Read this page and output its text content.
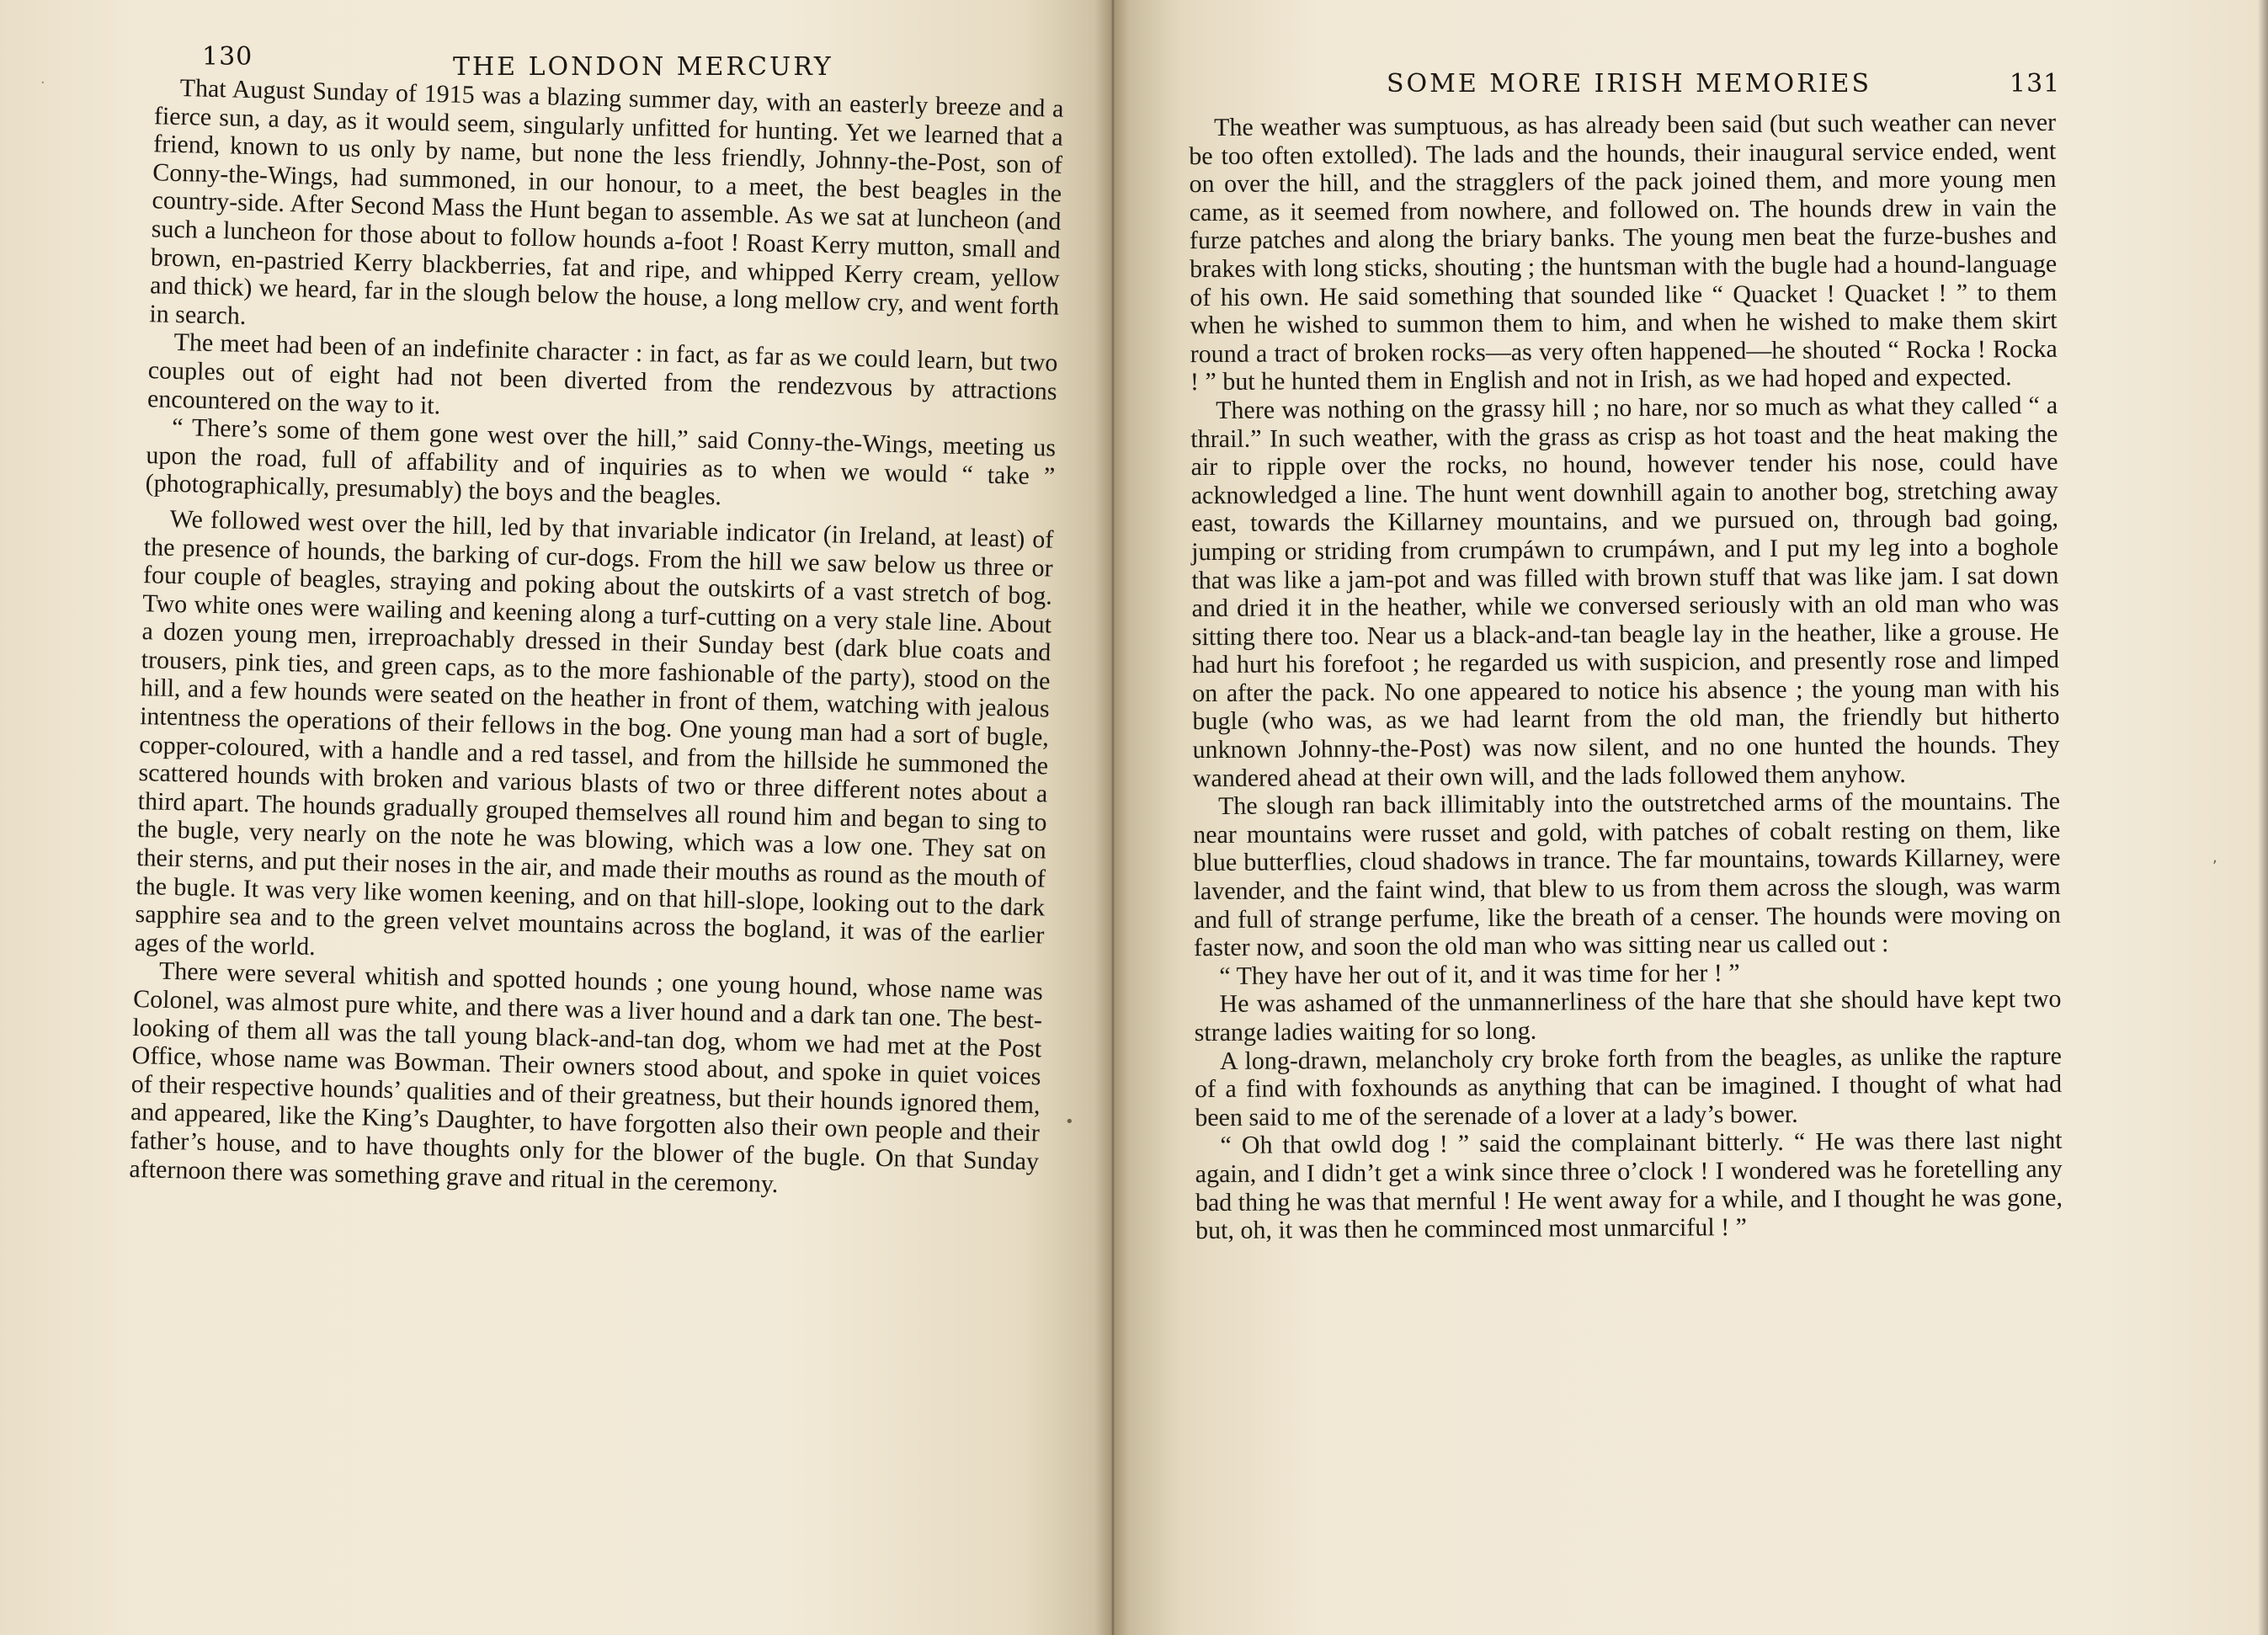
130	THE LONDON MERCURY

That August Sunday of 1915 was a blazing summer day, with an easterly breeze and a fierce sun, a day, as it would seem, singularly unfitted for hunting. Yet we learned that a friend, known to us only by name, but none the less friendly, Johnny-the-Post, son of Conny-the-Wings, had summoned, in our honour, to a meet, the best beagles in the country-side. After Second Mass the Hunt began to assemble. As we sat at luncheon (and such a luncheon for those about to follow hounds a-foot ! Roast Kerry mutton, small and brown, en-pastried Kerry blackberries, fat and ripe, and whipped Kerry cream, yellow and thick) we heard, far in the slough below the house, a long mellow cry, and went forth in search.

The meet had been of an indefinite character : in fact, as far as we could learn, but two couples out of eight had not been diverted from the rendezvous by attractions encountered on the way to it.

“ There’s some of them gone west over the hill,” said Conny-the-Wings, meeting us upon the road, full of affability and of inquiries as to when we would “ take ” (photographically, presumably) the boys and the beagles.

We followed west over the hill, led by that invariable indicator (in Ireland, at least) of the presence of hounds, the barking of cur-dogs. From the hill we saw below us three or four couple of beagles, straying and poking about the outskirts of a vast stretch of bog. Two white ones were wailing and keening along a turf-cutting on a very stale line. About a dozen young men, irreproachably dressed in their Sunday best (dark blue coats and trousers, pink ties, and green caps, as to the more fashionable of the party), stood on the hill, and a few hounds were seated on the heather in front of them, watching with jealous intentness the operations of their fellows in the bog. One young man had a sort of bugle, copper-coloured, with a handle and a red tassel, and from the hillside he summoned the scattered hounds with broken and various blasts of two or three different notes about a third apart. The hounds gradually grouped themselves all round him and began to sing to the bugle, very nearly on the note he was blowing, which was a low one. They sat on their sterns, and put their noses in the air, and made their mouths as round as the mouth of the bugle. It was very like women keening, and on that hill-slope, looking out to the dark sapphire sea and to the green velvet mountains across the bogland, it was of the earlier ages of the world.

There were several whitish and spotted hounds ; one young hound, whose name was Colonel, was almost pure white, and there was a liver hound and a dark tan one. The best-looking of them all was the tall young black-and-tan dog, whom we had met at the Post Office, whose name was Bowman. Their owners stood about, and spoke in quiet voices of their respective hounds’ qualities and of their greatness, but their hounds ignored them, and appeared, like the King’s Daughter, to have forgotten also their own people and their father’s house, and to have thoughts only for the blower of the bugle. On that Sunday afternoon there was something grave and ritual in the ceremony.

•
·	SOME MORE IRISH MEMORIES	131
,

The weather was sumptuous, as has already been said (but such weather can never be too often extolled). The lads and the hounds, their inaugural service ended, went on over the hill, and the stragglers of the pack joined them, and more young men came, as it seemed from nowhere, and followed on. The hounds drew in vain the furze patches and along the briary banks. The young men beat the furze-bushes and brakes with long sticks, shouting ; the huntsman with the bugle had a hound-language of his own. He said something that sounded like “ Quacket ! Quacket ! ” to them when he wished to summon them to him, and when he wished to make them skirt round a tract of broken rocks—as very often happened—he shouted “ Rocka ! Rocka ! ” but he hunted them in English and not in Irish, as we had hoped and expected.

There was nothing on the grassy hill ; no hare, nor so much as what they called “ a thrail.” In such weather, with the grass as crisp as hot toast and the heat making the air to ripple over the rocks, no hound, however tender his nose, could have acknowledged a line. The hunt went downhill again to another bog, stretching away east, towards the Killarney mountains, and we pursued on, through bad going, jumping or striding from crumpáwn to crumpáwn, and I put my leg into a boghole that was like a jam-pot and was filled with brown stuff that was like jam. I sat down and dried it in the heather, while we conversed seriously with an old man who was sitting there too. Near us a black-and-tan beagle lay in the heather, like a grouse. He had hurt his forefoot ; he regarded us with suspicion, and presently rose and limped on after the pack. No one appeared to notice his absence ; the young man with his bugle (who was, as we had learnt from the old man, the friendly but hitherto unknown Johnny-the-Post) was now silent, and no one hunted the hounds. They wandered ahead at their own will, and the lads followed them anyhow.

The slough ran back illimitably into the outstretched arms of the mountains. The near mountains were russet and gold, with patches of cobalt resting on them, like blue butterflies, cloud shadows in trance. The far mountains, towards Killarney, were lavender, and the faint wind, that blew to us from them across the slough, was warm and full of strange perfume, like the breath of a censer. The hounds were moving on faster now, and soon the old man who was sitting near us called out :

“ They have her out of it, and it was time for her ! ”

He was ashamed of the unmannerliness of the hare that she should have kept two strange ladies waiting for so long.

A long-drawn, melancholy cry broke forth from the beagles, as unlike the rapture of a find with foxhounds as anything that can be imagined. I thought of what had been said to me of the serenade of a lover at a lady’s bower.

“ Oh that owld dog ! ” said the complainant bitterly. “ He was there last night again, and I didn’t get a wink since three o’clock ! I wondered was he foretelling any bad thing he was that mernful ! He went away for a while, and I thought he was gone, but, oh, it was then he comminced most unmarciful ! ”
